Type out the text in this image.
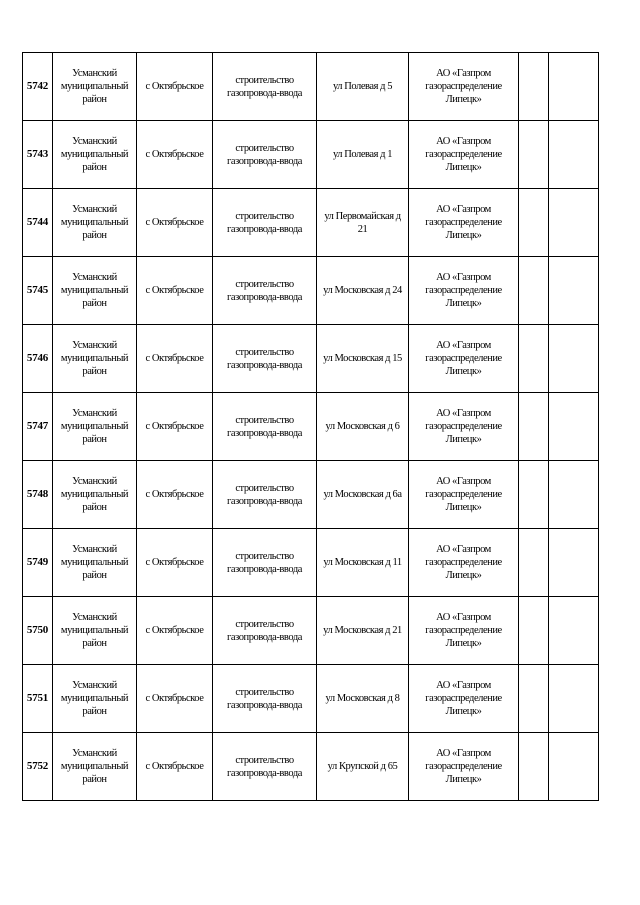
5742	Усманский муниципальный район	с Октябрьское	строительство газопровода-ввода	ул Полевая д 5	АО «Газпром газораспределение Липецк»		
5743	Усманский муниципальный район	с Октябрьское	строительство газопровода-ввода	ул Полевая д 1	АО «Газпром газораспределение Липецк»		
5744	Усманский муниципальный район	с Октябрьское	строительство газопровода-ввода	ул Первомайская д 21	АО «Газпром газораспределение Липецк»		
5745	Усманский муниципальный район	с Октябрьское	строительство газопровода-ввода	ул Московская д 24	АО «Газпром газораспределение Липецк»		
5746	Усманский муниципальный район	с Октябрьское	строительство газопровода-ввода	ул Московская д 15	АО «Газпром газораспределение Липецк»		
5747	Усманский муниципальный район	с Октябрьское	строительство газопровода-ввода	ул Московская д 6	АО «Газпром газораспределение Липецк»		
5748	Усманский муниципальный район	с Октябрьское	строительство газопровода-ввода	ул Московская д 6а	АО «Газпром газораспределение Липецк»		
5749	Усманский муниципальный район	с Октябрьское	строительство газопровода-ввода	ул Московская д 11	АО «Газпром газораспределение Липецк»		
5750	Усманский муниципальный район	с Октябрьское	строительство газопровода-ввода	ул Московская д 21	АО «Газпром газораспределение Липецк»		
5751	Усманский муниципальный район	с Октябрьское	строительство газопровода-ввода	ул Московская д 8	АО «Газпром газораспределение Липецк»		
5752	Усманский муниципальный район	с Октябрьское	строительство газопровода-ввода	ул Крупской д 65	АО «Газпром газораспределение Липецк»		
